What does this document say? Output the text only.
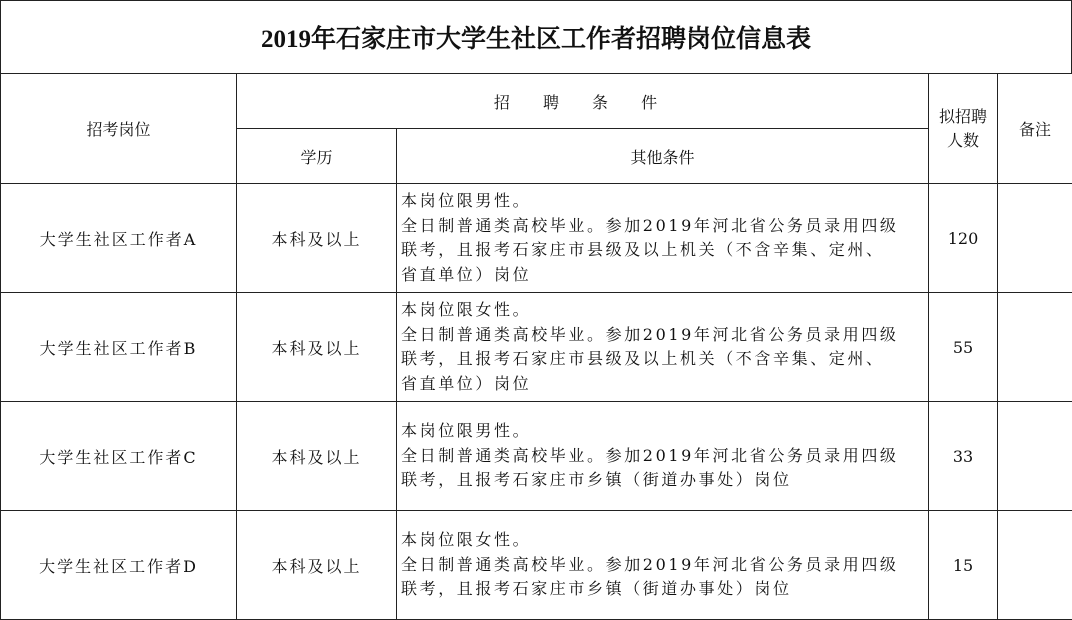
2019年石家庄市大学生社区工作者招聘岗位信息表
招考岗位	招 聘 条 件		拟招聘人数	备注
	学历	其他条件		
大学生社区工作者A	本科及以上	本岗位限男性。
全日制普通类高校毕业。参加2019年河北省公务员录用四级
联考，且报考石家庄市县级及以上机关（不含辛集、定州、
省直单位）岗位	120	
大学生社区工作者B	本科及以上	本岗位限女性。
全日制普通类高校毕业。参加2019年河北省公务员录用四级
联考，且报考石家庄市县级及以上机关（不含辛集、定州、
省直单位）岗位	55	
大学生社区工作者C	本科及以上	本岗位限男性。
全日制普通类高校毕业。参加2019年河北省公务员录用四级
联考，且报考石家庄市乡镇（街道办事处）岗位	33	
大学生社区工作者D	本科及以上	本岗位限女性。
全日制普通类高校毕业。参加2019年河北省公务员录用四级
联考，且报考石家庄市乡镇（街道办事处）岗位	15	
